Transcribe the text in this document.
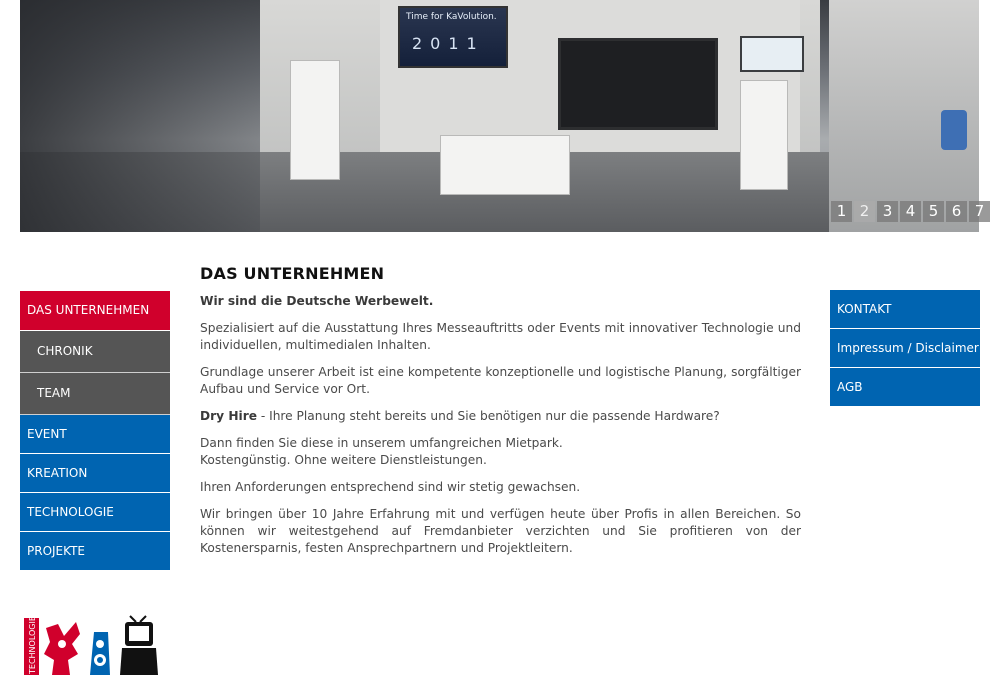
Time for KaVolution.
2011
1 2 3 4 5 6 7
DAS UNTERNEHMEN
CHRONIK
TEAM
EVENT
KREATION
TECHNOLOGIE
PROJEKTE
DAS UNTERNEHMEN

Wir sind die Deutsche Werbewelt.

Spezialisiert auf die Ausstattung Ihres Messeauftritts oder Events mit innovativer Technologie und individuellen, multimedialen Inhalten.

Grundlage unserer Arbeit ist eine kompetente konzeptionelle und logistische Planung, sorgfältiger Aufbau und Service vor Ort.

Dry Hire - Ihre Planung steht bereits und Sie benötigen nur die passende Hardware?

Dann finden Sie diese in unserem umfangreichen Mietpark.
Kostengünstig. Ohne weitere Dienstleistungen.

Ihren Anforderungen entsprechend sind wir stetig gewachsen.

Wir bringen über 10 Jahre Erfahrung mit und verfügen heute über Profis in allen Bereichen. So können wir weitestgehend auf Fremdanbieter verzichten und Sie profitieren von der Kostenersparnis, festen Ansprechpartnern und Projektleitern.

KONTAKT
Impressum / Disclaimer
AGB
TECHNOLOGIE
